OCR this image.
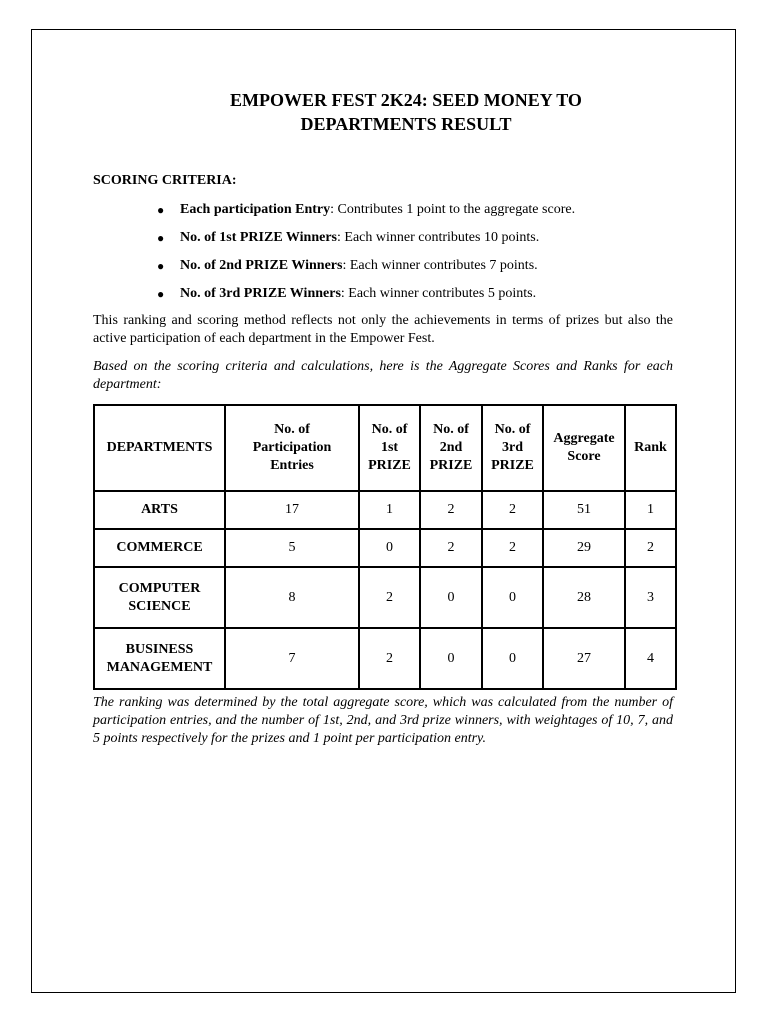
EMPOWER FEST 2K24: SEED MONEY TO
DEPARTMENTS RESULT

SCORING CRITERIA:

● Each participation Entry: Contributes 1 point to the aggregate score.
● No. of 1st PRIZE Winners: Each winner contributes 10 points.
● No. of 2nd PRIZE Winners: Each winner contributes 7 points.
● No. of 3rd PRIZE Winners: Each winner contributes 5 points.

This ranking and scoring method reflects not only the achievements in terms of prizes but also the active participation of each department in the Empower Fest.

Based on the scoring criteria and calculations, here is the Aggregate Scores and Ranks for each department:

DEPARTMENTS	No. of
Participation
Entries	No. of
1st
PRIZE	No. of
2nd
PRIZE	No. of
3rd
PRIZE	Aggregate
Score	Rank
ARTS	17	1	2	2	51	1
COMMERCE	5	0	2	2	29	2
COMPUTER
SCIENCE	8	2	0	0	28	3
BUSINESS
MANAGEMENT	7	2	0	0	27	4

The ranking was determined by the total aggregate score, which was calculated from the number of participation entries, and the number of 1st, 2nd, and 3rd prize winners, with weightages of 10, 7, and 5 points respectively for the prizes and 1 point per participation entry.
